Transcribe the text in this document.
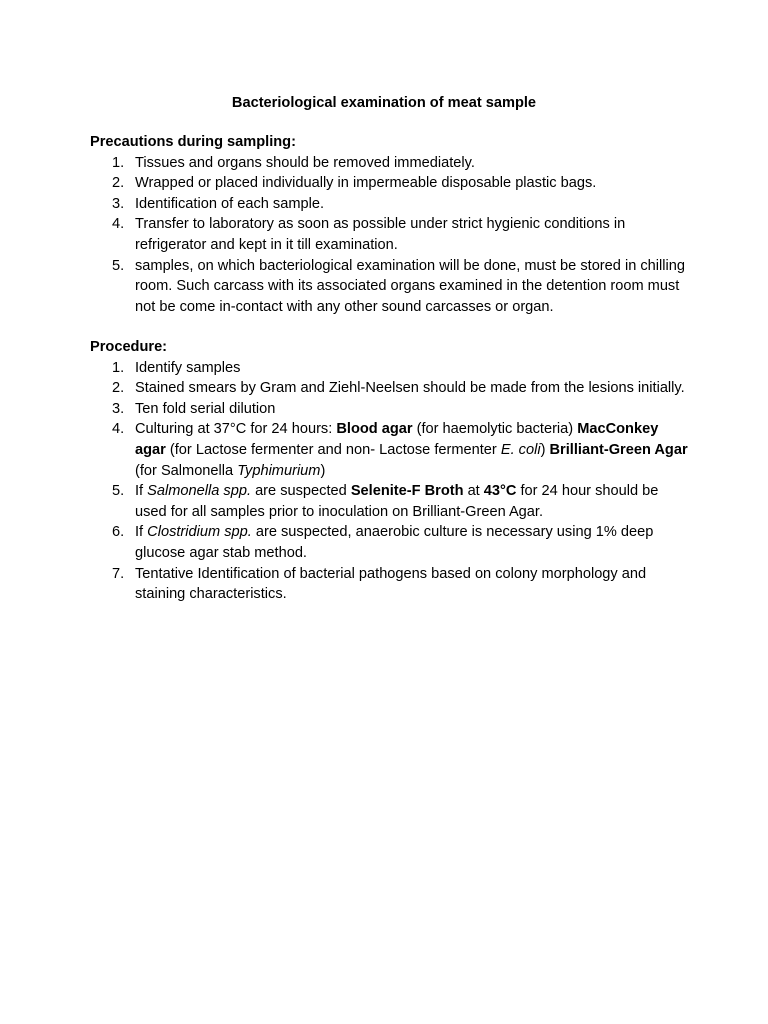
Bacteriological examination of meat sample
Precautions during sampling:
1. Tissues and organs should be removed immediately.
2. Wrapped or placed individually in impermeable disposable plastic bags.
3. Identification of each sample.
4. Transfer to laboratory as soon as possible under strict hygienic conditions in refrigerator and kept in it till examination.
5. samples, on which bacteriological examination will be done, must be stored in chilling room. Such carcass with its associated organs examined in the detention room must not be come in-contact with any other sound carcasses or organ.
Procedure:
1. Identify samples
2. Stained smears by Gram and Ziehl-Neelsen should be made from the lesions initially.
3. Ten fold serial dilution
4. Culturing at 37°C for 24 hours: Blood agar (for haemolytic bacteria) MacConkey agar (for Lactose fermenter and non- Lactose fermenter E. coli) Brilliant-Green Agar (for Salmonella Typhimurium)
5. If Salmonella spp. are suspected Selenite-F Broth at 43°C for 24 hour should be used for all samples prior to inoculation on Brilliant-Green Agar.
6. If Clostridium spp. are suspected, anaerobic culture is necessary using 1% deep glucose agar stab method.
7. Tentative Identification of bacterial pathogens based on colony morphology and staining characteristics.
